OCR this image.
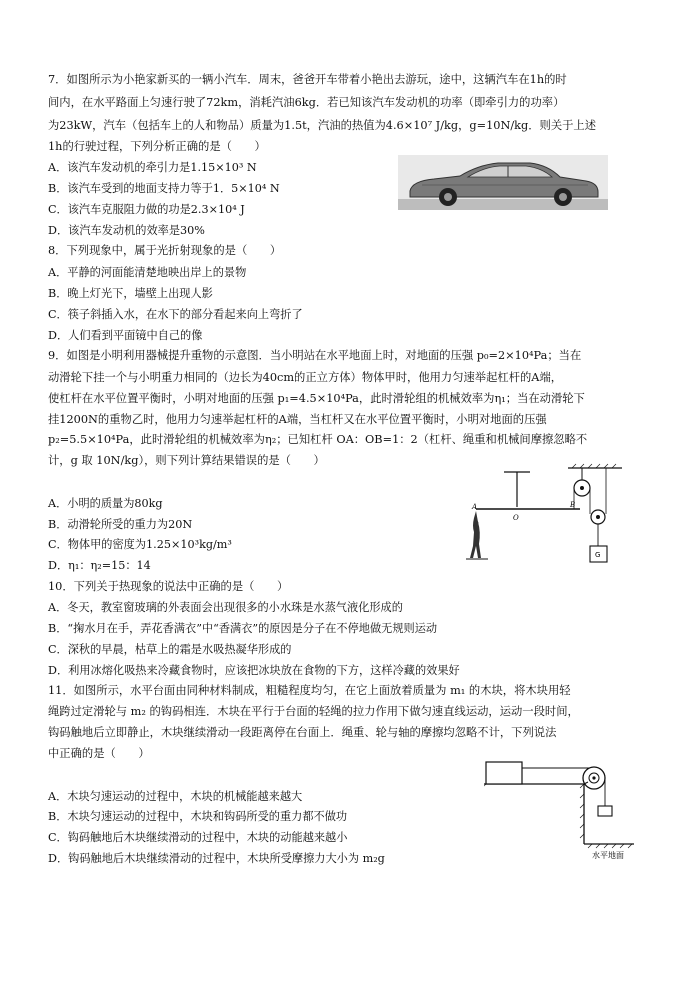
7．如图所示为小艳家新买的一辆小汽车．周末，爸爸开车带着小艳出去游玩，途中，这辆汽车在1h的时
间内，在水平路面上匀速行驶了72km，消耗汽油6kg．若已知该汽车发动机的功率（即牵引力的功率）
为23kW，汽车（包括车上的人和物品）质量为1.5t，汽油的热值为4.6×10⁷ J/kg，g=10N/kg．则关于上述
1h的行驶过程，下列分析正确的是（　　）
A．该汽车发动机的牵引力是1.15×10³ N
B．该汽车受到的地面支持力等于1．5×10⁴ N
C．该汽车克服阻力做的功是2.3×10⁴ J
D．该汽车发动机的效率是30%
8．下列现象中，属于光折射现象的是（　　）
A．平静的河面能清楚地映出岸上的景物
B．晚上灯光下，墙壁上出现人影
C．筷子斜插入水，在水下的部分看起来向上弯折了
D．人们看到平面镜中自己的像
9．如图是小明利用器械提升重物的示意图．当小明站在水平地面上时，对地面的压强 p₀=2×10⁴Pa；当在
动滑轮下挂一个与小明重力相同的（边长为40cm的正立方体）物体甲时，他用力匀速举起杠杆的A端，
使杠杆在水平位置平衡时，小明对地面的压强 p₁=4.5×10⁴Pa，此时滑轮组的机械效率为η₁；当在动滑轮下
挂1200N的重物乙时，他用力匀速举起杠杆的A端，当杠杆又在水平位置平衡时，小明对地面的压强
p₂=5.5×10⁴Pa，此时滑轮组的机械效率为η₂；已知杠杆 OA：OB=1：2（杠杆、绳重和机械间摩擦忽略不
计，g 取 10N/kg），则下列计算结果错误的是（　　）
A．小明的质量为80kg
B．动滑轮所受的重力为20N
C．物体甲的密度为1.25×10³kg/m³
D．η₁：η₂=15：14
A
O
B
G
10．下列关于热现象的说法中正确的是（　　）
A．冬天，教室窗玻璃的外表面会出现很多的小水珠是水蒸气液化形成的
B．“掬水月在手，弄花香满衣”中“香满衣”的原因是分子在不停地做无规则运动
C．深秋的早晨，枯草上的霜是水吸热凝华形成的
D．利用冰熔化吸热来冷藏食物时，应该把冰块放在食物的下方，这样冷藏的效果好
11．如图所示，水平台面由同种材料制成，粗糙程度均匀，在它上面放着质量为 m₁ 的木块，将木块用轻
绳跨过定滑轮与 m₂ 的钩码相连．木块在平行于台面的轻绳的拉力作用下做匀速直线运动，运动一段时间，
钩码触地后立即静止，木块继续滑动一段距离停在台面上．绳重、轮与轴的摩擦均忽略不计，下列说法
中正确的是（　　）
A．木块匀速运动的过程中，木块的机械能越来越大
B．木块匀速运动的过程中，木块和钩码所受的重力都不做功
C．钩码触地后木块继续滑动的过程中，木块的动能越来越小
D．钩码触地后木块继续滑动的过程中，木块所受摩擦力大小为 m₂g	水平地面
